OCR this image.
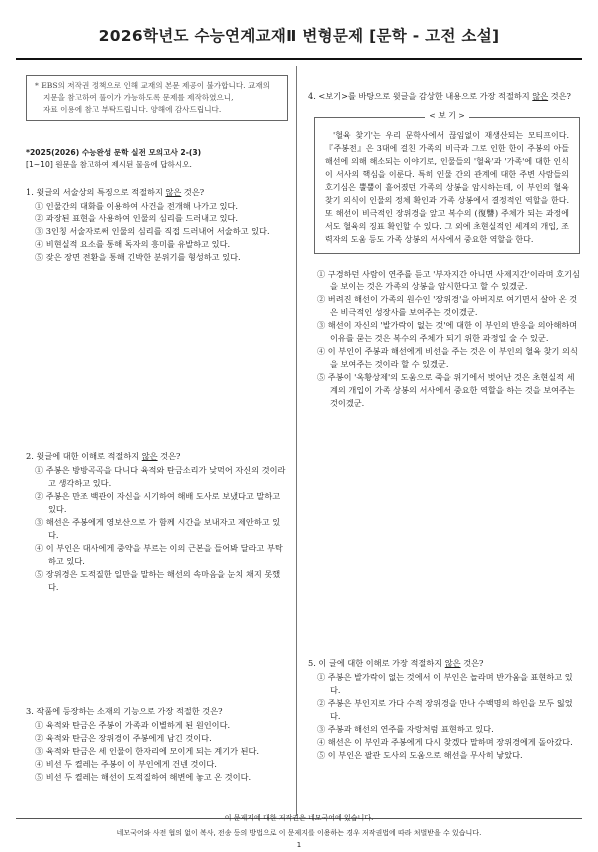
2026학년도 수능연계교재Ⅱ 변형문제 [문학 - 고전 소설]
* EBS의 저작권 정책으로 인해 교재의 본문 제공이 불가합니다. 교재의
지문을 참고하여 풀이가 가능하도록 문제를 제작하였으니,
자료 이용에 참고 부탁드립니다. 양해에 감사드립니다.
*2025(2026) 수능완성 문학 실전 모의고사 2-(3)
[1~10] 원문을 참고하여 제시된 물음에 답하시오.
1. 윗글의 서술상의 특징으로 적절하지 않은 것은?
① 인물간의 대화를 이용하여 사건을 전개해 나가고 있다.
② 과장된 표현을 사용하여 인물의 심리를 드러내고 있다.
③ 3인칭 서술자로써 인물의 심리를 직접 드러내어 서술하고 있다.
④ 비현실적 요소를 통해 독자의 흥미를 유발하고 있다.
⑤ 잦은 장면 전환을 통해 긴박한 분위기를 형성하고 있다.
2. 윗글에 대한 이해로 적절하지 않은 것은?
① 주봉은 방방곡곡을 다니다 육적와 탄금소리가 낮먹어 자신의 것이라고 생각하고 있다.
② 주봉은 만조 백관이 자신을 시기하여 해배 도사로 보냈다고 말하고 있다.
③ 해선은 주봉에게 영보산으로 가 함께 시간을 보내자고 제안하고 있다.
④ 이 부인은 대사에게 중약을 부르는 이의 근본을 들어봐 달라고 부탁하고 있다.
⑤ 장위경은 도적질한 일만을 말하는 해선의 속마음을 눈치 채지 못했다.
3. 작품에 등장하는 소재의 기능으로 가장 적절한 것은?
① 육적와 탄금은 주봉이 가족과 이별하게 된 원인이다.
② 육적와 탄금은 장위경이 주봉에게 남긴 것이다.
③ 육적와 탄금은 세 인물이 한자리에 모이게 되는 계기가 된다.
④ 비선 두 켤레는 주봉이 이 부인에게 건넨 것이다.
⑤ 비선 두 켤레는 해선이 도적질하여 해변에 놓고 온 것이다.
4. <보기>를 바탕으로 윗글을 감상한 내용으로 가장 적절하지 않은 것은?
< 보 기 >

'혈육 찾기'는 우리 문학사에서 끊임없이 재생산되는 모티프이다. 『주봉전』은 3대에 걸친 가족의 비극과 그로 인한 한이 주봉의 아들 해선에 의해 해소되는 이야기로, 인물들의 '혈육'과 '가족'에 대한 인식이 서사의 핵심을 이룬다. 특히 인물 간의 관계에 대한 주변 사람들의 호기심은 뿔뿔이 흩어졌던 가족의 상봉을 암시하는데, 이 부인의 혈육 찾기 의식이 인물의 정체 확인과 가족 상봉에서 결정적인 역할을 한다. 또 해선이 비극적인 장위경을 앞고 복수의 (復讐) 주체가 되는 과정에서도 혈육의 징표 확인할 수 있다. 그 외에 초현실적인 세계의 개입, 조력자의 도움 등도 가족 상봉의 서사에서 중요한 역할을 한다.

① 구경하던 사람이 연주를 듣고 '부자지간 아니면 사제지간'이라며 호기심을 보이는 것은 가족의 상봉을 암시한다고 할 수 있겠군.
② 버려진 해선이 가족의 원수인 '장위경'을 아버지로 여기면서 살아 온 것은 비극적인 성장사를 보여주는 것이겠군.
③ 해선이 자신의 '발가락이 없는 것'에 대한 이 부인의 반응을 의아해하며 이유를 묻는 것은 복수의 주체가 되기 위한 과정일 술 수 있군.
④ 이 부인이 주봉과 해선에게 비선을 주는 것은 이 부인의 혈육 찾기 의식을 보여주는 것이라 할 수 있겠군.
⑤ 주봉이 '옥황상제'의 도움으로 죽을 위기에서 벗어난 것은 초현실적 세계의 개입이 가족 상봉의 서사에서 중요한 역할을 하는 것을 보여주는 것이겠군.
5. 이 글에 대한 이해로 가장 적절하지 않은 것은?
① 주봉은 발가락이 없는 것에서 이 부인은 놀라며 반가움을 표현하고 있다.
② 주봉은 부인지로 가다 수적 장위경을 만나 수백명의 하인을 모두 잃었다.
③ 주봉과 해선의 연주를 자랑처럼 표현하고 있다.
④ 해선은 이 부인과 주봉에게 다시 찾겠다 말하며 장위경에게 돌아갔다.
⑤ 이 부인은 팔관 도사의 도움으로 해선을 무사히 낳았다.
이 문제지에 대한 저작권은 네모국어에 있습니다.
네모국어와 사전 협의 없이 복사, 전송 등의 방법으로 이 문제지를 이용하는 경우 저작권법에 따라 처벌받을 수 있습니다.
1
